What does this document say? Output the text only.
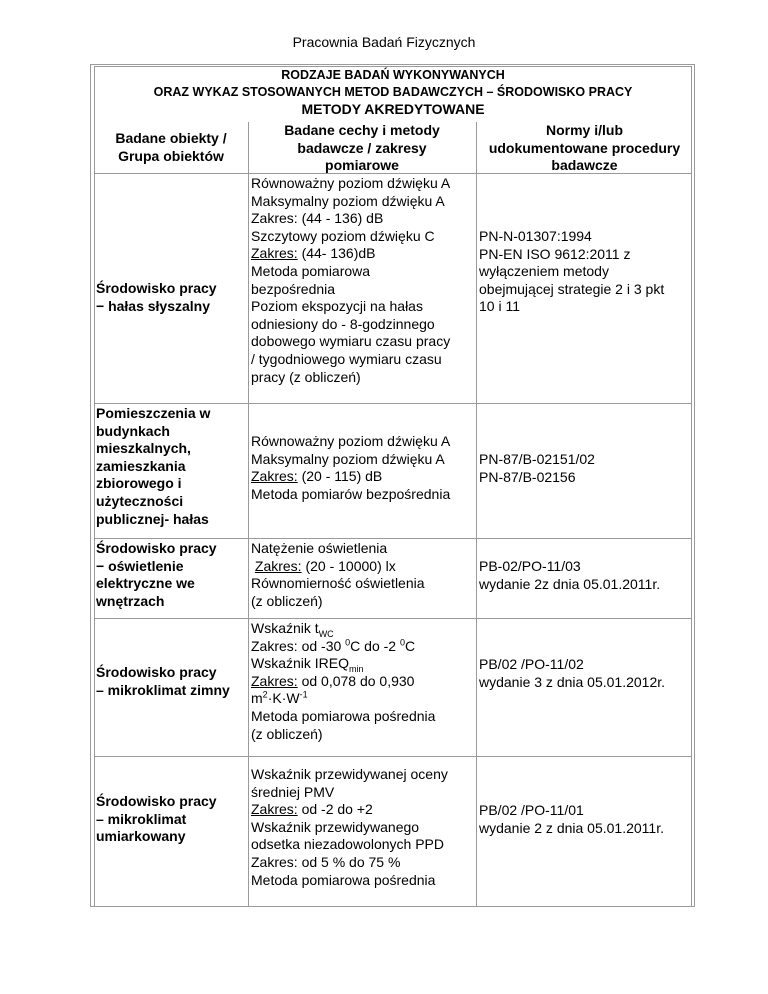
Pracownia Badań Fizycznych
RODZAJE BADAŃ WYKONYWANYCH
ORAZ WYKAZ STOSOWANYCH METOD BADAWCZYCH – ŚRODOWISKO PRACY
METODY AKREDYTOWANE
Badane obiekty /
Grupa obiektów
Badane cechy i metody
badawcze / zakresy
pomiarowe
Normy i/lub
udokumentowane procedury
badawcze
Środowisko pracy
− hałas słyszalny
Równoważny poziom dźwięku A
Maksymalny poziom dźwięku A
Zakres: (44 - 136) dB
Szczytowy poziom dźwięku C
Zakres: (44- 136)dB
Metoda pomiarowa
bezpośrednia
Poziom ekspozycji na hałas
odniesiony do - 8-godzinnego
dobowego wymiaru czasu pracy
/ tygodniowego wymiaru czasu
pracy (z obliczeń)
PN-N-01307:1994
PN-EN ISO 9612:2011 z
wyłączeniem metody
obejmującej strategie 2 i 3 pkt
10 i 11
Pomieszczenia w
budynkach
mieszkalnych,
zamieszkania
zbiorowego i
użyteczności
publicznej- hałas
Równoważny poziom dźwięku A
Maksymalny poziom dźwięku A
Zakres: (20 - 115) dB
Metoda pomiarów bezpośrednia
PN-87/B-02151/02
PN-87/B-02156
Środowisko pracy
− oświetlenie
elektryczne we
wnętrzach
Natężenie oświetlenia
Zakres: (20 - 10000) lx
Równomierność oświetlenia
(z obliczeń)
PB-02/PO-11/03
wydanie 2z dnia 05.01.2011r.
Środowisko pracy
– mikroklimat zimny
Wskaźnik $t_{WC}$
Zakres: od -30 $^0$C do -2 $^0$C
Wskaźnik $IREQ_{min}$
Zakres: od 0,078 do 0,930
$m^2\cdot K\cdot W^{-1}$
Metoda pomiarowa pośrednia
(z obliczeń)
PB/02 /PO-11/02
wydanie 3 z dnia 05.01.2012r.
Środowisko pracy
– mikroklimat
umiarkowany
Wskaźnik przewidywanej oceny
średniej PMV
Zakres: od -2 do +2
Wskaźnik przewidywanego
odsetka niezadowolonych PPD
Zakres: od 5 % do 75 %
Metoda pomiarowa pośrednia
PB/02 /PO-11/01
wydanie 2 z dnia 05.01.2011r.
